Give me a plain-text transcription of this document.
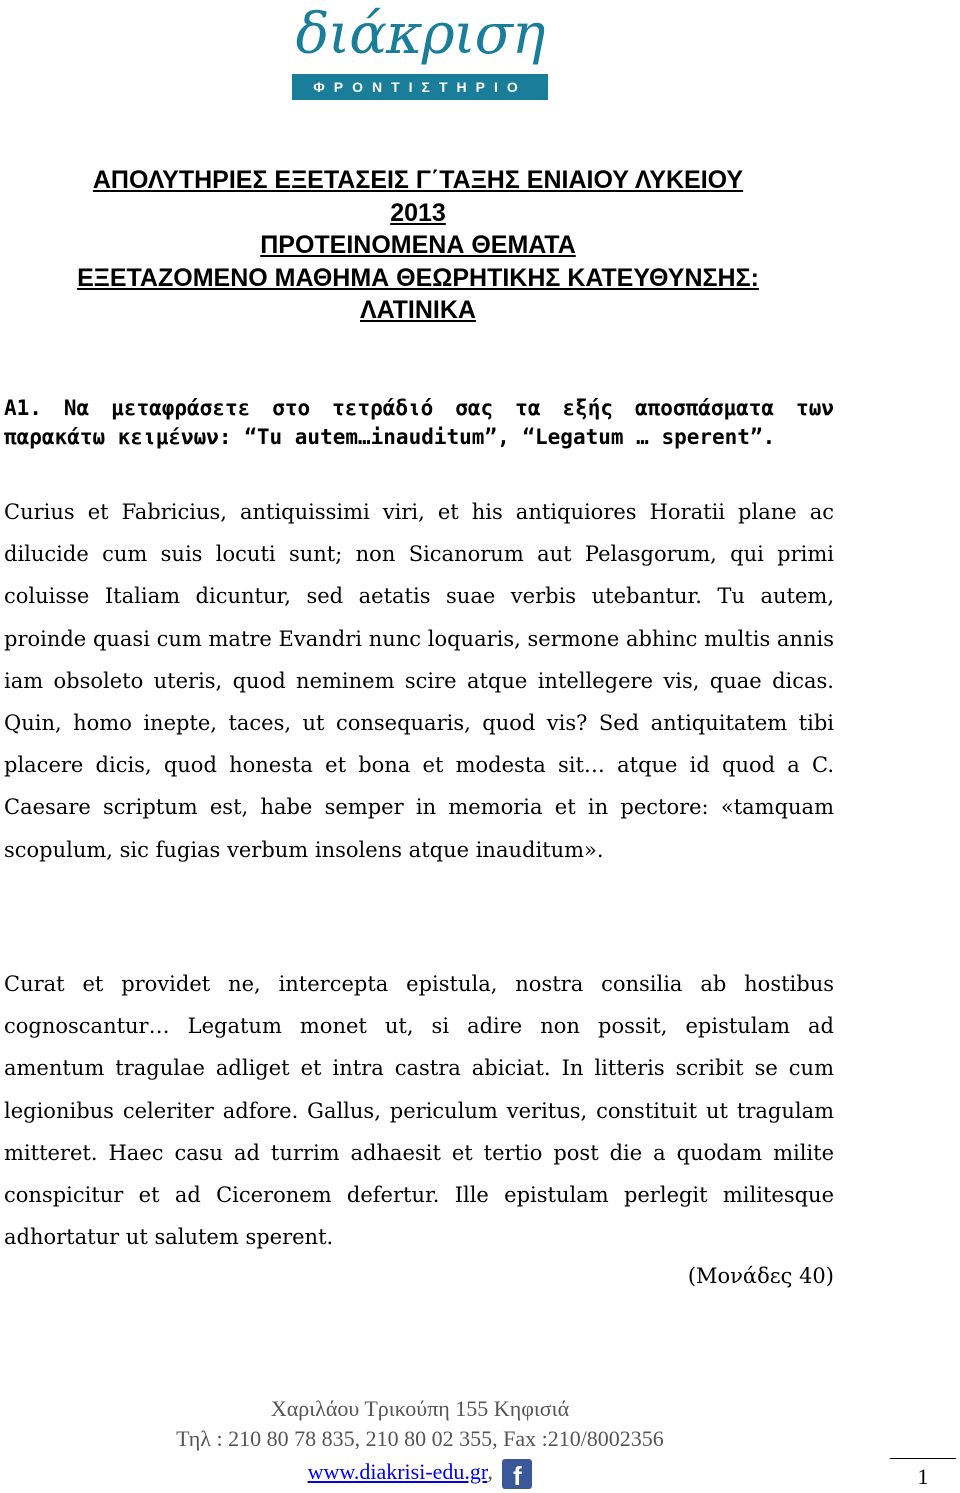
διάκριση
ΦΡΟΝΤΙΣΤΗΡΙΟ
ΑΠΟΛΥΤΗΡΙΕΣ ΕΞΕΤΑΣΕΙΣ Γ΄ΤΑΞΗΣ ΕΝΙΑΙΟΥ ΛΥΚΕΙΟΥ
2013
ΠΡΟΤΕΙΝΟΜΕΝΑ ΘΕΜΑΤΑ
ΕΞΕΤΑΖΟΜΕΝΟ ΜΑΘΗΜΑ ΘΕΩΡΗΤΙΚΗΣ ΚΑΤΕΥΘΥΝΣΗΣ:
ΛΑΤΙΝΙΚΑ
Α1. Να μεταφράσετε στο τετράδιό σας τα εξής αποσπάσματα των παρακάτω κειμένων: “Tu autem…inauditum”, “Legatum … sperent”.

Curius et Fabricius, antiquissimi viri, et his antiquiores Horatii plane ac dilucide cum suis locuti sunt; non Sicanorum aut Pelasgorum, qui primi coluisse Italiam dicuntur, sed aetatis suae verbis utebantur. Tu autem, proinde quasi cum matre Evandri nunc loquaris, sermone abhinc multis annis iam obsoleto uteris, quod neminem scire atque intellegere vis, quae dicas. Quin, homo inepte, taces, ut consequaris, quod vis? Sed antiquitatem tibi placere dicis, quod honesta et bona et modesta sit… atque id quod a C. Caesare scriptum est, habe semper in memoria et in pectore: «tamquam scopulum, sic fugias verbum insolens atque inauditum».

Curat et providet ne, intercepta epistula, nostra consilia ab hostibus cognoscantur… Legatum monet ut, si adire non possit, epistulam ad amentum tragulae adliget et intra castra abiciat. In litteris scribit se cum legionibus celeriter adfore. Gallus, periculum veritus, constituit ut tragulam mitteret. Haec casu ad turrim adhaesit et tertio post die a quodam milite conspicitur et ad Ciceronem defertur. Ille epistulam perlegit militesque adhortatur ut salutem sperent.

(Μονάδες 40)
Χαριλάου Τρικούπη 155 Κηφισιά
Τηλ : 210 80 78 835, 210 80 02 355, Fax :210/8002356
www.diakrisi-edu.gr, f	1
